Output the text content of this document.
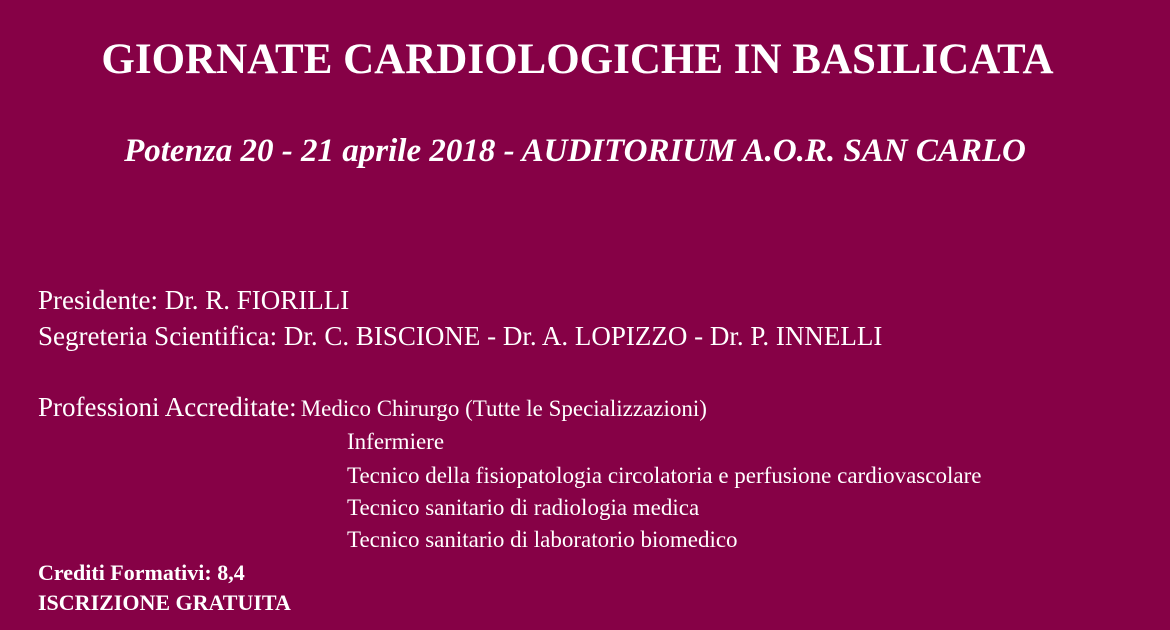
GIORNATE CARDIOLOGICHE IN BASILICATA
Potenza 20 - 21 aprile 2018 - AUDITORIUM A.O.R. SAN CARLO
Presidente: Dr. R. FIORILLI
Segreteria Scientifica: Dr. C. BISCIONE - Dr. A. LOPIZZO - Dr. P. INNELLI
Professioni Accreditate: Medico Chirurgo (Tutte le Specializzazioni)
Infermiere
Tecnico della fisiopatologia circolatoria e perfusione cardiovascolare
Tecnico sanitario di radiologia medica
Tecnico sanitario di laboratorio biomedico
Crediti Formativi: 8,4
ISCRIZIONE GRATUITA
